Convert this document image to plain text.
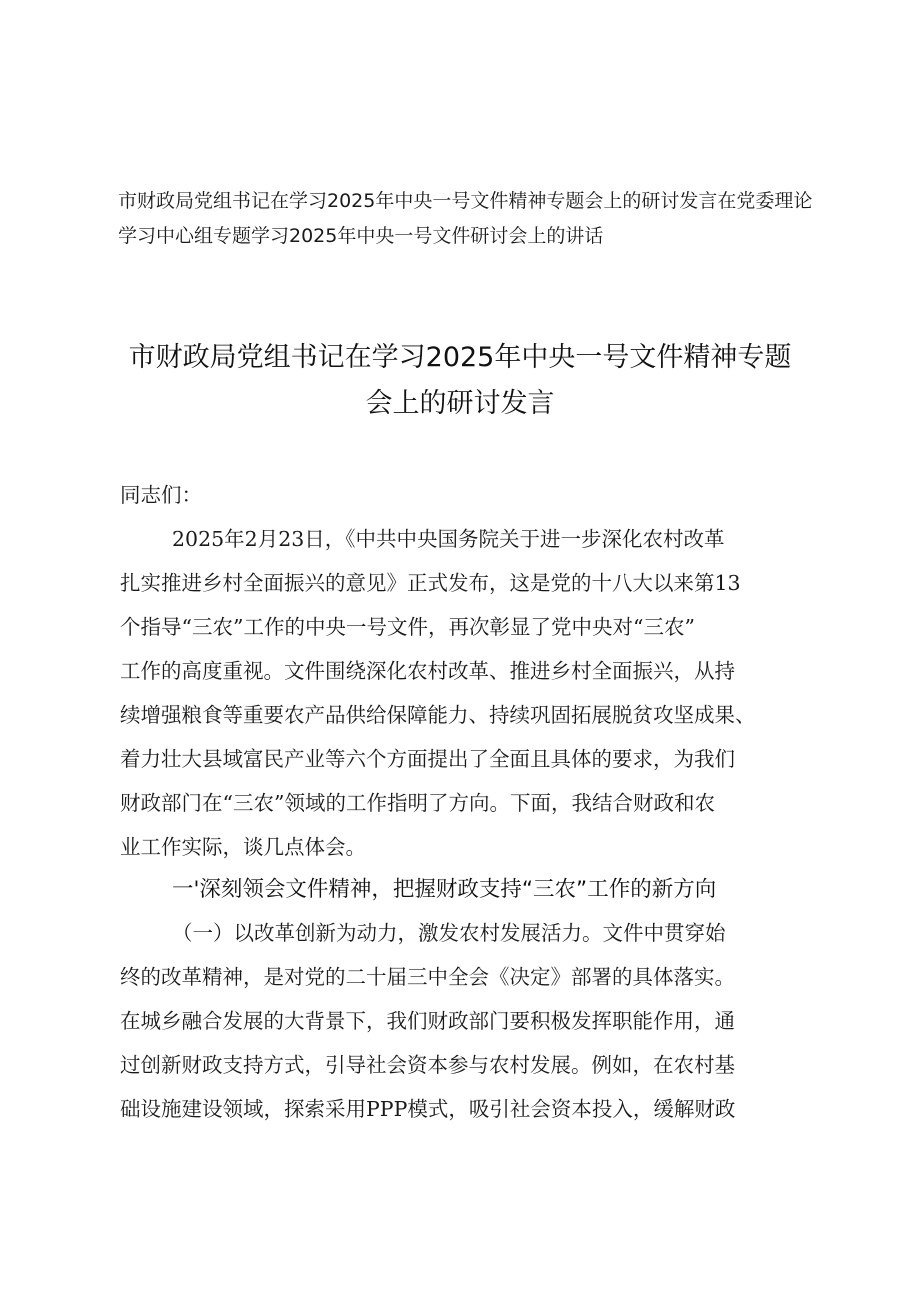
市财政局党组书记在学习2025年中央一号文件精神专题会上的研讨发言在党委理论
学习中心组专题学习2025年中央一号文件研讨会上的讲话
市财政局党组书记在学习2025年中央一号文件精神专题
会上的研讨发言
同志们：
2025年2月23日，《中共中央国务院关于进一步深化农村改革
扎实推进乡村全面振兴的意见》正式发布，这是党的十八大以来第13
个指导“三农”工作的中央一号文件，再次彰显了党中央对“三农”
工作的高度重视。文件围绕深化农村改革、推进乡村全面振兴，从持
续增强粮食等重要农产品供给保障能力、持续巩固拓展脱贫攻坚成果、
着力壮大县域富民产业等六个方面提出了全面且具体的要求，为我们
财政部门在“三农”领域的工作指明了方向。下面，我结合财政和农
业工作实际，谈几点体会。
一'深刻领会文件精神，把握财政支持“三农”工作的新方向
（一）以改革创新为动力，激发农村发展活力。文件中贯穿始
终的改革精神，是对党的二十届三中全会《决定》部署的具体落实。
在城乡融合发展的大背景下，我们财政部门要积极发挥职能作用，通
过创新财政支持方式，引导社会资本参与农村发展。例如，在农村基
础设施建设领域，探索采用PPP模式，吸引社会资本投入，缓解财政
